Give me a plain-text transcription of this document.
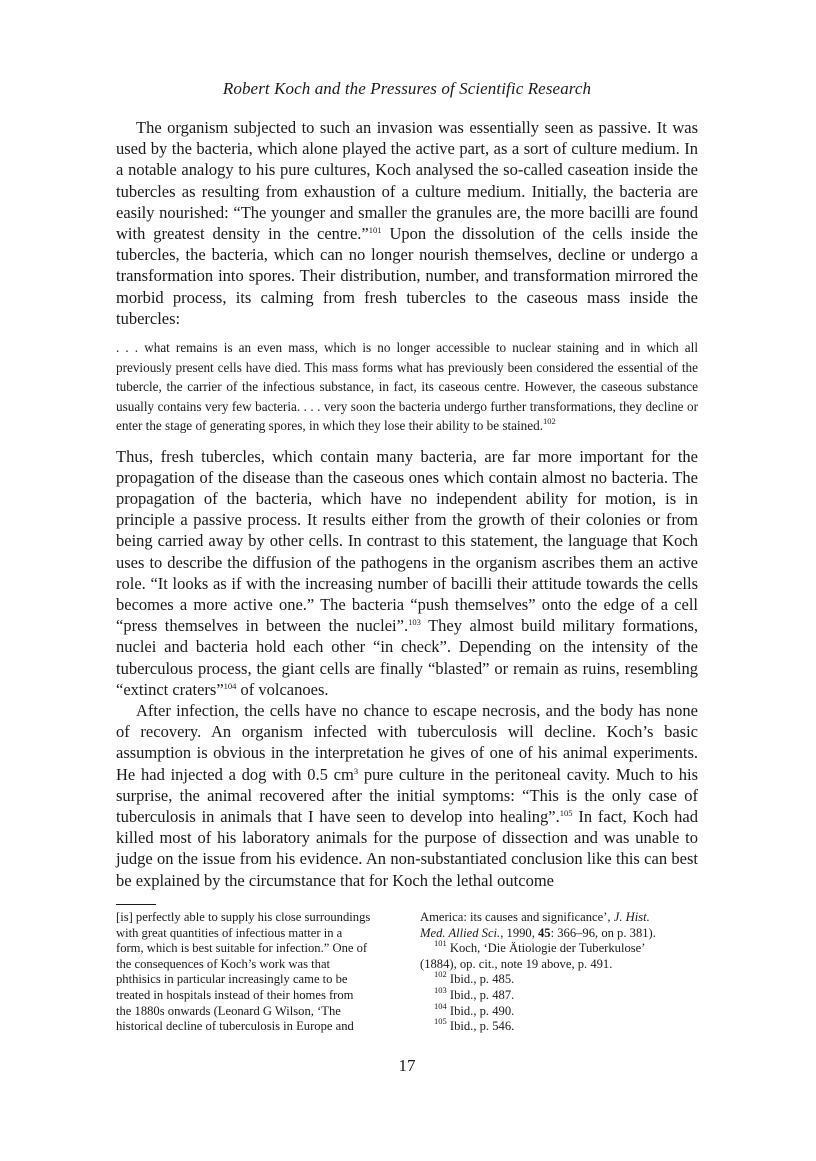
Robert Koch and the Pressures of Scientific Research

The organism subjected to such an invasion was essentially seen as passive. It was used by the bacteria, which alone played the active part, as a sort of culture medium. In a notable analogy to his pure cultures, Koch analysed the so-called caseation inside the tubercles as resulting from exhaustion of a culture medium. Initially, the bacteria are easily nourished: “The younger and smaller the granules are, the more bacilli are found with greatest density in the centre.”$^{101}$ Upon the dissolution of the cells inside the tubercles, the bacteria, which can no longer nourish themselves, decline or undergo a transformation into spores. Their distribution, number, and transformation mirrored the morbid process, its calming from fresh tubercles to the caseous mass inside the tubercles:

. . . what remains is an even mass, which is no longer accessible to nuclear staining and in which all previously present cells have died. This mass forms what has previously been considered the essential of the tubercle, the carrier of the infectious substance, in fact, its caseous centre. However, the caseous substance usually contains very few bacteria. . . . very soon the bacteria undergo further transformations, they decline or enter the stage of generating spores, in which they lose their ability to be stained.$^{102}$

Thus, fresh tubercles, which contain many bacteria, are far more important for the propagation of the disease than the caseous ones which contain almost no bacteria. The propagation of the bacteria, which have no independent ability for motion, is in principle a passive process. It results either from the growth of their colonies or from being carried away by other cells. In contrast to this statement, the language that Koch uses to describe the diffusion of the pathogens in the organism ascribes them an active role. “It looks as if with the increasing number of bacilli their attitude towards the cells becomes a more active one.” The bacteria “push themselves” onto the edge of a cell “press themselves in between the nuclei”.$^{103}$ They almost build military formations, nuclei and bacteria hold each other “in check”. Depending on the intensity of the tuberculous process, the giant cells are finally “blasted” or remain as ruins, resembling “extinct craters”$^{104}$ of volcanoes.

After infection, the cells have no chance to escape necrosis, and the body has none of recovery. An organism infected with tuberculosis will decline. Koch’s basic assumption is obvious in the interpretation he gives of one of his animal experiments. He had injected a dog with 0.5 $cm^3$ pure culture in the peritoneal cavity. Much to his surprise, the animal recovered after the initial symptoms: “This is the only case of tuberculosis in animals that I have seen to develop into healing”.$^{105}$ In fact, Koch had killed most of his laboratory animals for the purpose of dissection and was unable to judge on the issue from his evidence. An non-substantiated conclusion like this can best be explained by the circumstance that for Koch the lethal outcome

[is] perfectly able to supply his close surroundings
with great quantities of infectious matter in a
form, which is best suitable for infection.” One of
the consequences of Koch’s work was that
phthisics in particular increasingly came to be
treated in hospitals instead of their homes from
the 1880s onwards (Leonard G Wilson, ‘The
historical decline of tuberculosis in Europe and
America: its causes and significance’, J. Hist.
Med. Allied Sci., 1990, 45: 366–96, on p. 381).
$^{101}$ Koch, ‘Die Ätiologie der Tuberkulose’
(1884), op. cit., note 19 above, p. 491.
$^{102}$ Ibid., p. 485.
$^{103}$ Ibid., p. 487.
$^{104}$ Ibid., p. 490.
$^{105}$ Ibid., p. 546.
17
